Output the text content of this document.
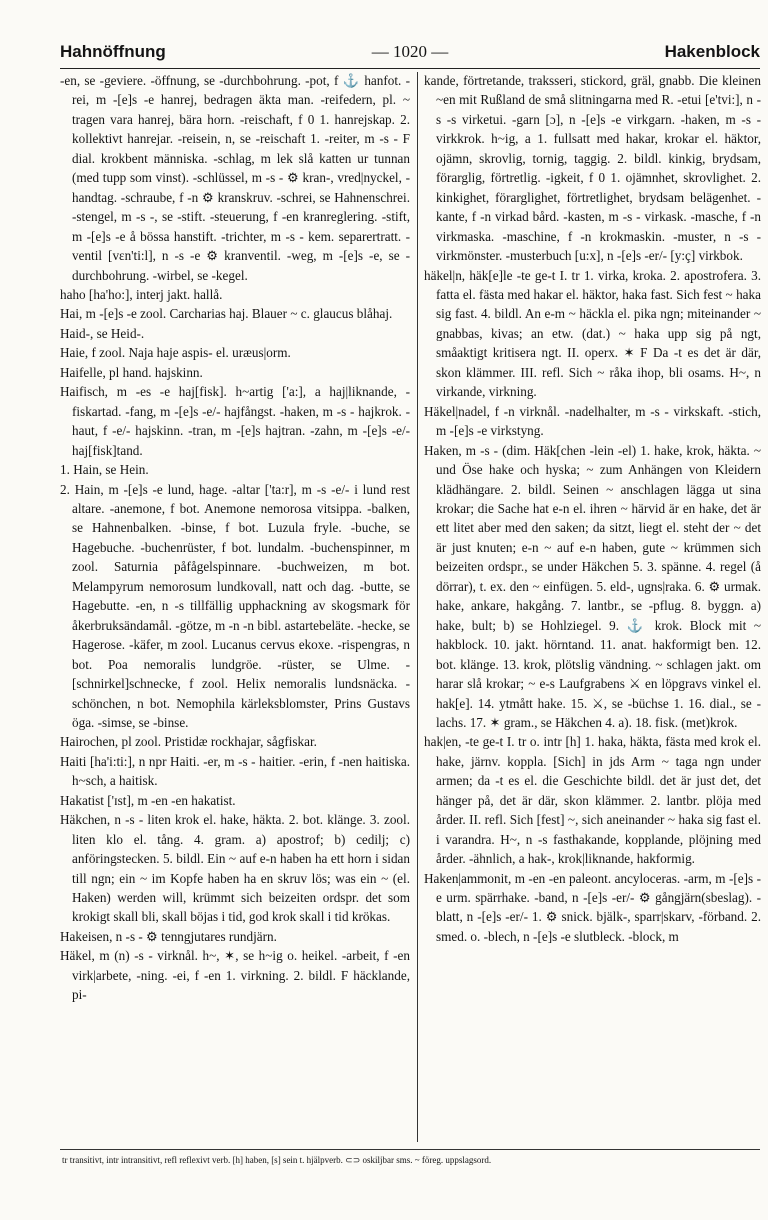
Hahnöffnung	— 1020 —	Hakenblock

-en, se -geviere. -öffnung, se -durchbohrung. -pot, f ⚓ hanfot. -rei, m -[e]s -e hanrej, bedragen äkta man. -reifedern, pl. ~ tragen vara hanrej, bära horn. -reischaft, f 0 1. hanrejskap. 2. kollektivt hanrejar. -reisein, n, se -reischaft 1. -reiter, m -s - F dial. krokbent människa. -schlag, m lek slå katten ur tunnan (med tupp som vinst). -schlüssel, m -s - ⚙ kran-, vred|nyckel, -handtag. -schraube, f -n ⚙ kranskruv. -schrei, se Hahnenschrei. -stengel, m -s -, se -stift. -steuerung, f -en kranreglering. -stift, m -[e]s -e å bössa hanstift. -trichter, m -s - kem. separertratt. -ventil [vɛn'ti:l], n -s -e ⚙ kranventil. -weg, m -[e]s -e, se -durchbohrung. -wirbel, se -kegel.

haho [ha'ho:], interj jakt. hallå.

Hai, m -[e]s -e zool. Carcharias haj. Blauer ~ c. glaucus blåhaj.

Haid-, se Heid-.

Haie, f zool. Naja haje aspis- el. uræus|orm.

Haifelle, pl hand. hajskinn.

Haifisch, m -es -e haj[fisk]. h~artig ['a:], a haj|liknande, -fiskartad. -fang, m -[e]s -e/- hajfångst. -haken, m -s - hajkrok. -haut, f -e/- hajskinn. -tran, m -[e]s hajtran. -zahn, m -[e]s -e/- haj[fisk]tand.

1. Hain, se Hein.

2. Hain, m -[e]s -e lund, hage. -altar ['ta:r], m -s -e/- i lund rest altare. -anemone, f bot. Anemone nemorosa vitsippa. -balken, se Hahnenbalken. -binse, f bot. Luzula fryle. -buche, se Hagebuche. -buchenrüster, f bot. lundalm. -buchenspinner, m zool. Saturnia påfågelspinnare. -buchweizen, m bot. Melampyrum nemorosum lundkovall, natt och dag. -butte, se Hagebutte. -en, n -s tillfällig upphackning av skogsmark för åkerbruksändamål. -götze, m -n -n bibl. astartebeläte. -hecke, se Hagerose. -käfer, m zool. Lucanus cervus ekoxe. -rispengras, n bot. Poa nemoralis lundgröe. -rüster, se Ulme. -[schnirkel]schnecke, f zool. Helix nemoralis lundsnäcka. -schönchen, n bot. Nemophila kärleksblomster, Prins Gustavs öga. -simse, se -binse.

Hairochen, pl zool. Pristidæ rockhajar, sågfiskar.

Haiti [ha'i:ti:], n npr Haiti. -er, m -s - haitier. -erin, f -nen haitiska. h~sch, a haitisk.

Hakatist ['ɪst], m -en -en hakatist.

Häkchen, n -s - liten krok el. hake, häkta. 2. bot. klänge. 3. zool. liten klo el. tång. 4. gram. a) apostrof; b) cedilj; c) anföringstecken. 5. bildl. Ein ~ auf e-n haben ha ett horn i sidan till ngn; ein ~ im Kopfe haben ha en skruv lös; was ein ~ (el. Haken) werden will, krümmt sich beizeiten ordspr. det som krokigt skall bli, skall böjas i tid, god krok skall i tid krökas.

Hakeisen, n -s - ⚙ tenngjutares rundjärn.

Häkel, m (n) -s - virknål. h~, ✶, se h~ig o. heikel. -arbeit, f -en virk|arbete, -ning. -ei, f -en 1. virkning. 2. bildl. F häcklande, pi-

kande, förtretande, traksseri, stickord, gräl, gnabb. Die kleinen ~en mit Rußland de små slitningarna med R. -etui [e'tvi:], n -s -s virketui. -garn [ɔ], n -[e]s -e virkgarn. -haken, m -s - virkkrok. h~ig, a 1. fullsatt med hakar, krokar el. häktor, ojämn, skrovlig, tornig, taggig. 2. bildl. kinkig, brydsam, förarglig, förtretlig. -igkeit, f 0 1. ojämnhet, skrovlighet. 2. kinkighet, förarglighet, förtretlighet, brydsam belägenhet. -kante, f -n virkad bård. -kasten, m -s - virkask. -masche, f -n virkmaska. -maschine, f -n krokmaskin. -muster, n -s - virkmönster. -musterbuch [u:x], n -[e]s -er/- [y:ç] virkbok.

häkel|n, häk[e]le -te ge-t I. tr 1. virka, kroka. 2. apostrofera. 3. fatta el. fästa med hakar el. häktor, haka fast. Sich fest ~ haka sig fast. 4. bildl. An e-m ~ häckla el. pika ngn; miteinander ~ gnabbas, kivas; an etw. (dat.) ~ haka upp sig på ngt, småaktigt kritisera ngt. II. operx. ✶ F Da -t es det är där, skon klämmer. III. refl. Sich ~ råka ihop, bli osams. H~, n virkande, virkning.

Häkel|nadel, f -n virknål. -nadelhalter, m -s - virkskaft. -stich, m -[e]s -e virkstyng.

Haken, m -s - (dim. Häk[chen -lein -el) 1. hake, krok, häkta. ~ und Öse hake och hyska; ~ zum Anhängen von Kleidern klädhängare. 2. bildl. Seinen ~ anschlagen lägga ut sina krokar; die Sache hat e-n el. ihren ~ härvid är en hake, det är ett litet aber med den saken; da sitzt, liegt el. steht der ~ det är just knuten; e-n ~ auf e-n haben, gute ~ krümmen sich beizeiten ordspr., se under Häkchen 5. 3. spänne. 4. regel (å dörrar), t. ex. den ~ einfügen. 5. eld-, ugns|raka. 6. ⚙ urmak. hake, ankare, hakgång. 7. lantbr., se -pflug. 8. byggn. a) hake, bult; b) se Hohlziegel. 9. ⚓ krok. Block mit ~ hakblock. 10. jakt. hörntand. 11. anat. hakformigt ben. 12. bot. klänge. 13. krok, plötslig vändning. ~ schlagen jakt. om harar slå krokar; ~ e-s Laufgrabens ⚔ en löpgravs vinkel el. hak[e]. 14. ytmått hake. 15. ⚔, se -büchse 1. 16. dial., se -lachs. 17. ✶ gram., se Häkchen 4. a). 18. fisk. (met)krok.

hak|en, -te ge-t I. tr o. intr [h] 1. haka, häkta, fästa med krok el. hake, järnv. koppla. [Sich] in jds Arm ~ taga ngn under armen; da -t es el. die Geschichte bildl. det är just det, det hänger på, det är där, skon klämmer. 2. lantbr. plöja med årder. II. refl. Sich [fest] ~, sich aneinander ~ haka sig fast el. i varandra. H~, n -s fasthakande, kopplande, plöjning med årder. -ähnlich, a hak-, krok|liknande, hakformig.

Haken|ammonit, m -en -en paleont. ancyloceras. -arm, m -[e]s -e urm. spärrhake. -band, n -[e]s -er/- ⚙ gångjärn(sbeslag). -blatt, n -[e]s -er/- 1. ⚙ snick. bjälk-, sparr|skarv, -förband. 2. smed. o. -blech, n -[e]s -e slutbleck. -block, m

tr transitivt, intr intransitivt, refl reflexivt verb. [h] haben, [s] sein t. hjälpverb. ⊂⊃ oskiljbar sms. ~ föreg. uppslagsord.
